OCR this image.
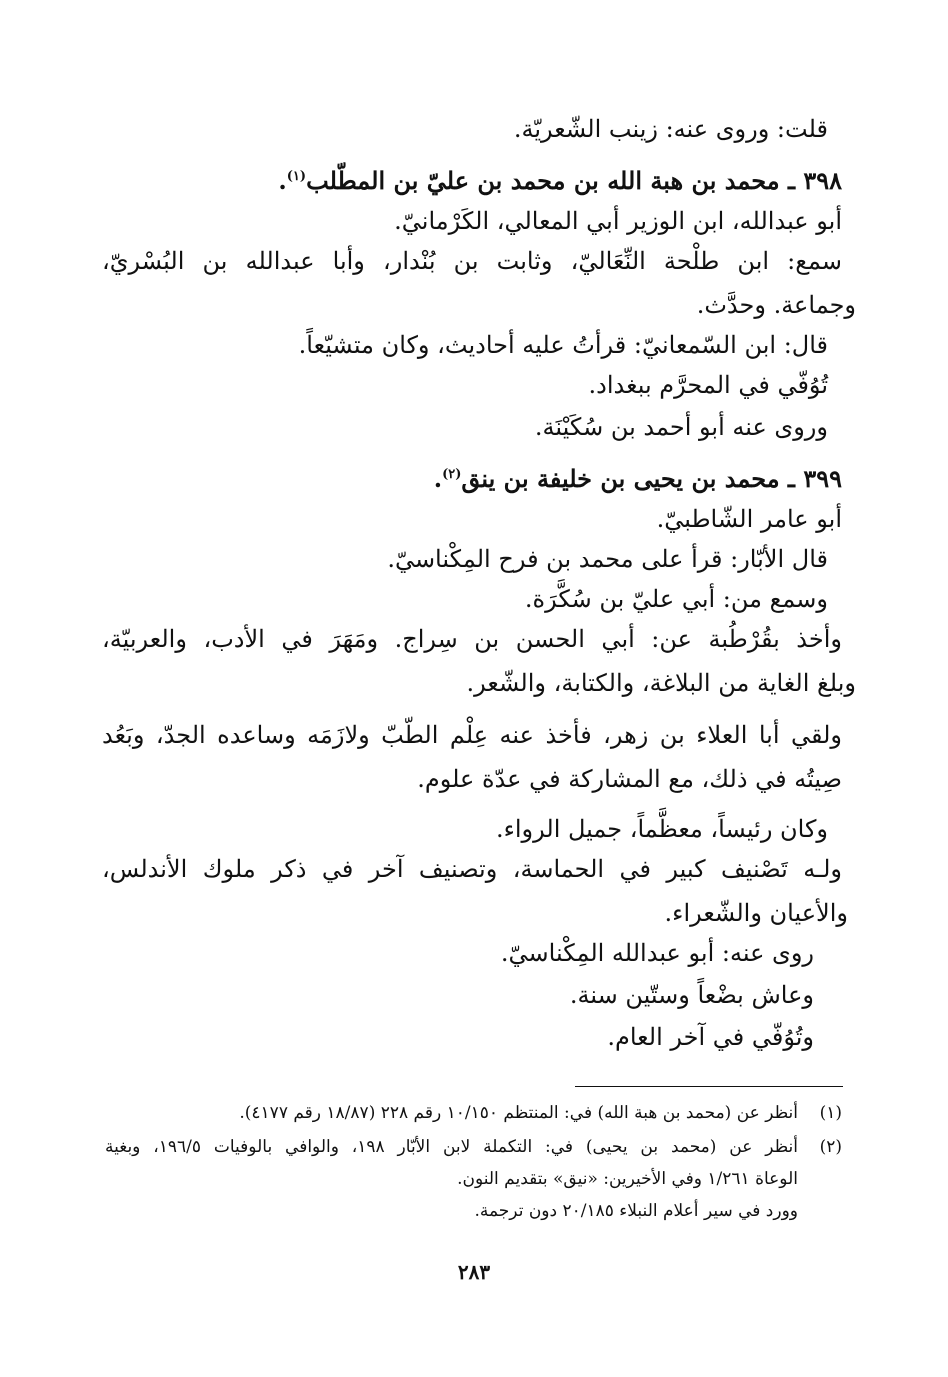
قلت: وروى عنه: زينب الشّعريّة.
٣٩٨ ـ محمد بن هبة الله بن محمد بن عليّ بن المطّلب$^{(١)}$.
أبو عبدالله، ابن الوزير أبي المعالي، الكَرْمانيّ.
سمع: ابن طلْحة النِّعَاليّ، وثابت بن بُنْدار، وأبا عبدالله بن البُسْريّ،
وجماعة. وحدَّث.
قال: ابن السّمعانيّ: قرأتُ عليه أحاديث، وكان متشيّعاً.
تُوُفّي في المحرَّم ببغداد.
وروى عنه أبو أحمد بن سُكَيْنَة.
٣٩٩ ـ محمد بن يحيى بن خليفة بن ينق$^{(٢)}$.
أبو عامر الشّاطبيّ.
قال الأبّار: قرأ على محمد بن فرح المِكْناسيّ.
وسمع من: أبي عليّ بن سُكَّرَة.
وأخذ بقُرْطُبة عن: أبي الحسن بن سِراج. ومَهَرَ في الأدب، والعربيّة،
وبلغ الغاية من البلاغة، والكتابة، والشّعر.
ولقي أبا العلاء بن زهر، فأخذ عنه عِلْم الطّبّ ولازَمَه وساعده الجدّ، وبَعُد
صِيتُه في ذلك، مع المشاركة في عدّة علوم.
وكان رئيساً، معظَّماً، جميل الرواء.
ولـه تَصْنيف كبير في الحماسة، وتصنيف آخر في ذكر ملوك الأندلس،
والأعيان والشّعراء.
روى عنه: أبو عبدالله المِكْناسيّ.
وعاش بضْعاً وستّين سنة.
وتُوُفّي في آخر العام.
(١)
أنظر عن (محمد بن هبة الله) في: المنتظم ١٠/١٥٠ رقم ٢٢٨ (١٨/٨٧ رقم ٤١٧٧).
(٢)
أنظر عن (محمد بن يحيى) في: التكملة لابن الأبّار ١٩٨، والوافي بالوفيات ١٩٦/٥، وبغية
الوعاة ١/٢٦١ وفي الأخيرين: «نيق» بتقديم النون.
وورد في سير أعلام النبلاء ٢٠/١٨٥ دون ترجمة.
٢٨٣
